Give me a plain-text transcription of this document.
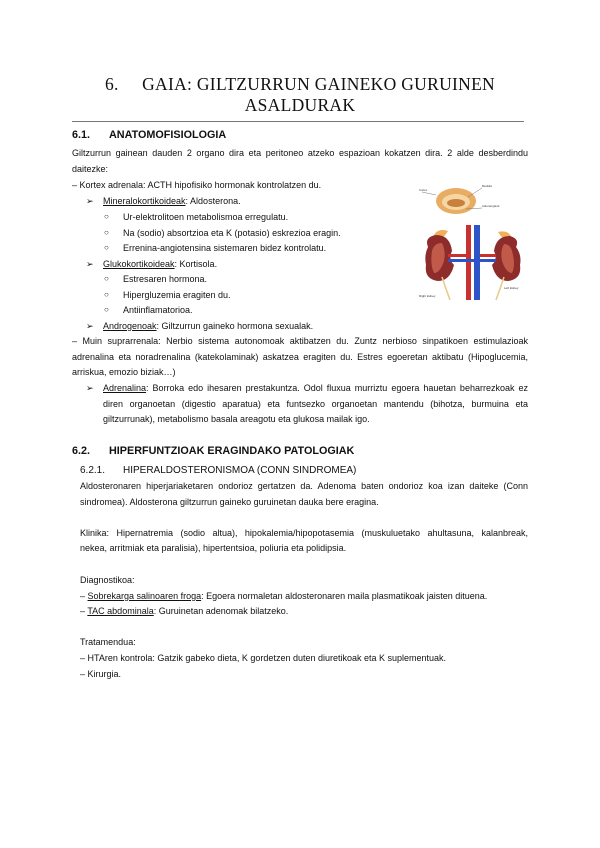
6. GAIA: GILTZURRUN GAINEKO GURUINEN
ASALDURAK
6.1. ANATOMOFISIOLOGIA
Giltzurrun gainean dauden 2 organo dira eta peritoneo atzeko espazioan kokatzen dira. 2 alde desberdindu
daitezke:
– Kortex adrenala: ACTH hipofisiko hormonak kontrolatzen du.
➢ Mineralokortikoideak: Aldosterona.
○ Ur-elektrolitoen metabolismoa erregulatu.
○ Na (sodio) absortzioa eta K (potasio) eskrezioa eragin.
○ Errenina-angiotensina sistemaren bidez kontrolatu.
➢ Glukokortikoideak: Kortisola.
○ Estresaren hormona.
○ Hipergluzemia eragiten du.
○ Antiinflamatorioa.
➢ Androgenoak: Giltzurrun gaineko hormona sexualak.
– Muin suprarrenala: Nerbio sistema autonomoak aktibatzen du. Zuntz nerbioso sinpatikoen estimulazioak
adrenalina eta noradrenalina (katekolaminak) askatzea eragiten du. Estres egoeretan aktibatu (Hipoglucemia,
arriskua, emozio biziak…)
➢ Adrenalina: Borroka edo ihesaren prestakuntza. Odol fluxua murriztu egoera hauetan beharrezkoak ez
diren organoetan (digestio aparatua) eta funtsezko organoetan mantendu (bihotza, burmuina eta
giltzurrunak), metabolismo basala areagotu eta glukosa mailak igo.
Cortex
Medulla
Adrenal gland
Right kidney
Left kidney
6.2. HIPERFUNTZIOAK ERAGINDAKO PATOLOGIAK
6.2.1. HIPERALDOSTERONISMOA (CONN SINDROMEA)
Aldosteronaren hiperjariaketaren ondorioz gertatzen da. Adenoma baten ondorioz koa izan daiteke (Conn
sindromea). Aldosterona giltzurrun gaineko guruinetan dauka bere eragina.
Klinika: Hipernatremia (sodio altua), hipokalemia/hipopotasemia (muskuluetako ahultasuna, kalanbreak,
nekea, arritmiak eta paralisia), hipertentsioa, poliuria eta polidipsia.
Diagnostikoa:
– Sobrekarga salinoaren froga: Egoera normaletan aldosteronaren maila plasmatikoak jaisten dituena.
– TAC abdominala: Guruinetan adenomak bilatzeko.
Tratamendua:
– HTAren kontrola: Gatzik gabeko dieta, K gordetzen duten diuretikoak eta K suplementuak.
– Kirurgia.
